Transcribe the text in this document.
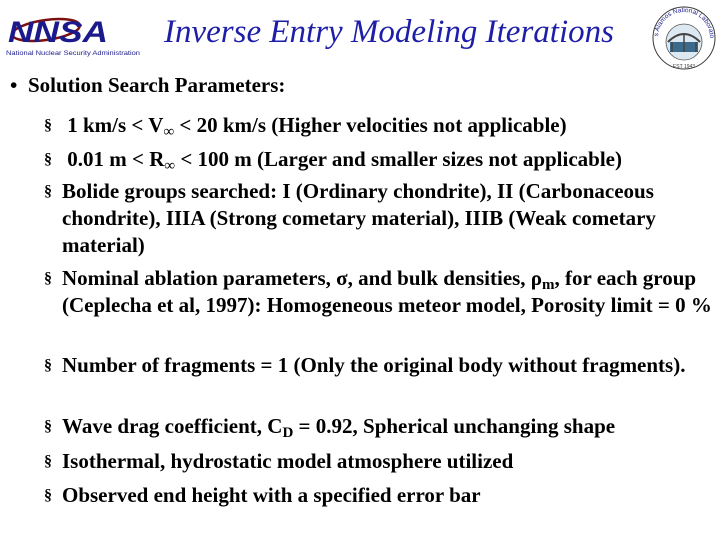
NNSA
National Nuclear Security Administration
Inverse Entry Modeling Iterations	s Alamos National Laborato
EST 1943
• Solution Search Parameters:
§ 1 $km/s < V_\infty < 20$ km/s (Higher velocities not applicable)
§ 0.01 $m < R_\infty < 100$ m (Larger and smaller sizes not applicable)
§ Bolide groups searched: I (Ordinary chondrite), II (Carbonaceous chondrite), IIIA (Strong cometary material), IIIB (Weak cometary material)
§ Nominal ablation parameters, σ, and bulk densities, $\rho_m$, for each group (Ceplecha et al, 1997): Homogeneous meteor model, Porosity limit = 0 %
§ Number of fragments = 1 (Only the original body without fragments).
§ Wave drag coefficient, $C_D = 0.92$, Spherical unchanging shape
§ Isothermal, hydrostatic model atmosphere utilized
§ Observed end height with a specified error bar
